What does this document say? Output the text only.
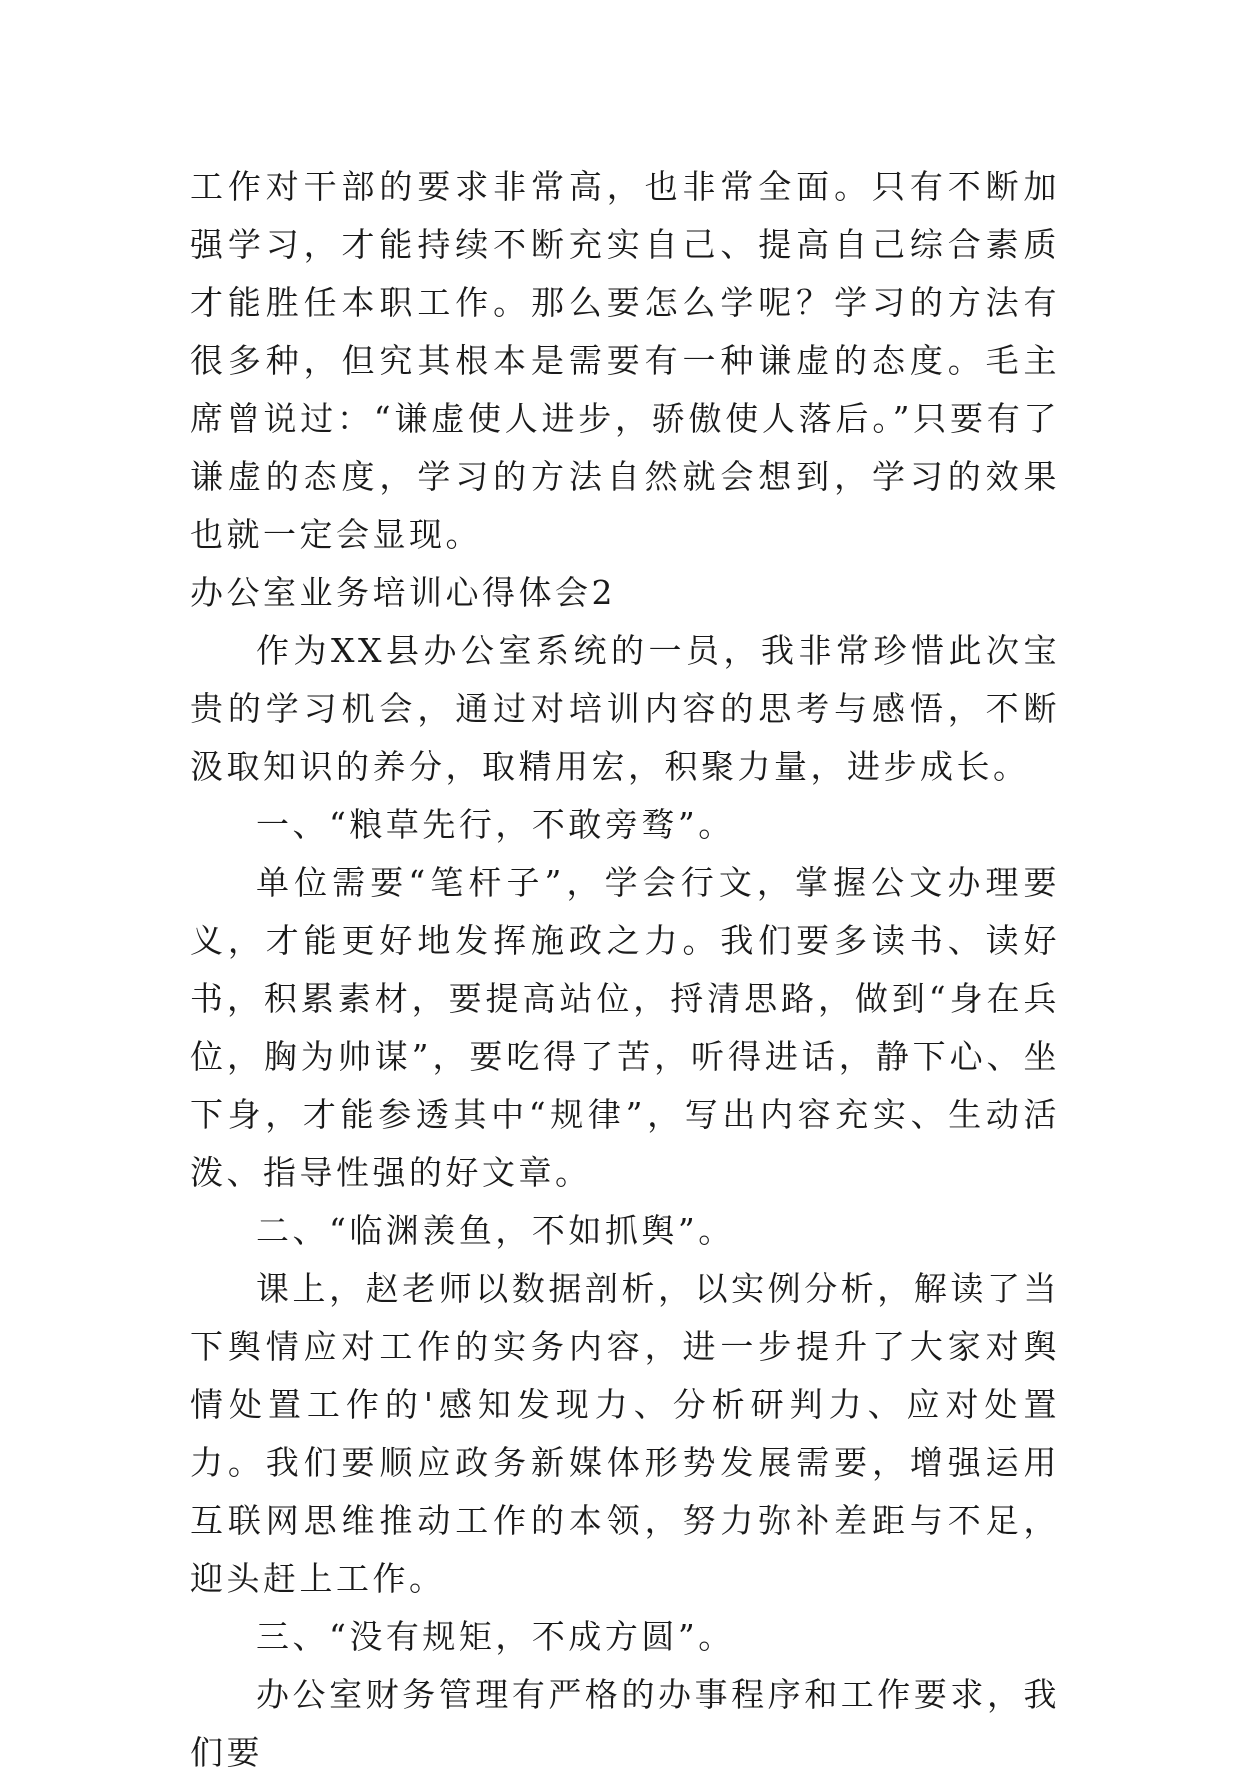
工作对干部的要求非常高，也非常全面。只有不断加强学习，才能持续不断充实自己、提高自己综合素质才能胜任本职工作。那么要怎么学呢？学习的方法有很多种，但究其根本是需要有一种谦虚的态度。毛主席曾说过：“谦虚使人进步，骄傲使人落后。”只要有了谦虚的态度，学习的方法自然就会想到，学习的效果也就一定会显现。

办公室业务培训心得体会2

作为XX县办公室系统的一员，我非常珍惜此次宝贵的学习机会，通过对培训内容的思考与感悟，不断汲取知识的养分，取精用宏，积聚力量，进步成长。

一、“粮草先行，不敢旁骛”。

单位需要“笔杆子”，学会行文，掌握公文办理要义，才能更好地发挥施政之力。我们要多读书、读好书，积累素材，要提高站位，捋清思路，做到“身在兵位，胸为帅谋”，要吃得了苦，听得进话，静下心、坐下身，才能参透其中“规律”，写出内容充实、生动活泼、指导性强的好文章。

二、“临渊羡鱼，不如抓舆”。

课上，赵老师以数据剖析，以实例分析，解读了当下舆情应对工作的实务内容，进一步提升了大家对舆情处置工作的'感知发现力、分析研判力、应对处置力。我们要顺应政务新媒体形势发展需要，增强运用互联网思维推动工作的本领，努力弥补差距与不足，迎头赶上工作。

三、“没有规矩，不成方圆”。

办公室财务管理有严格的办事程序和工作要求，我们要
